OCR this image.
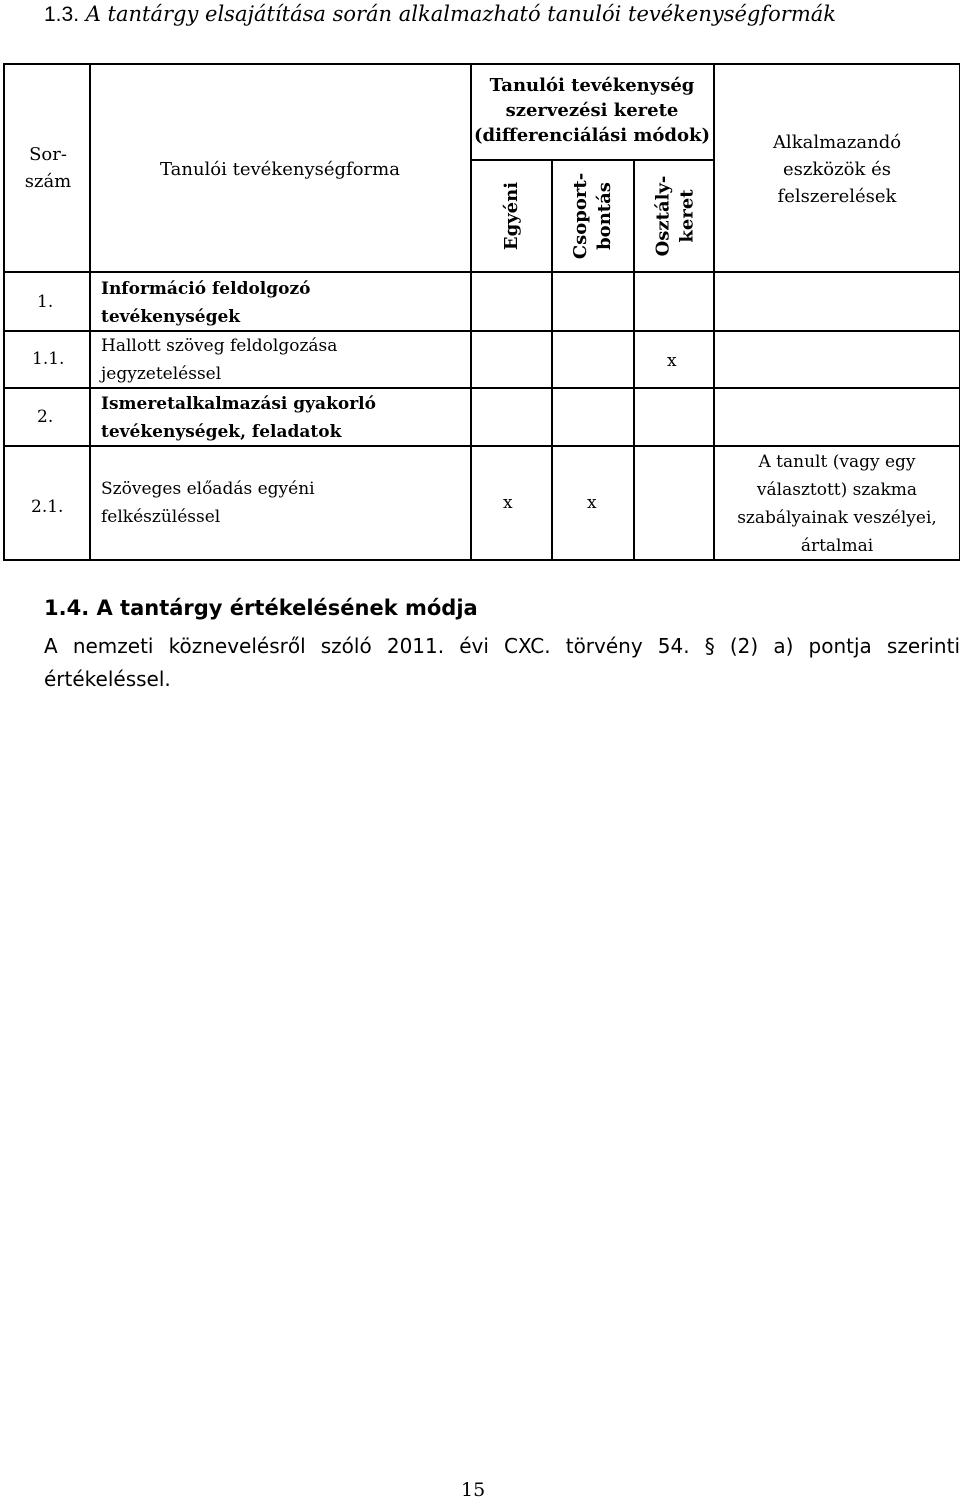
1.3. A tantárgy elsajátítása során alkalmazható tanulói tevékenységformák
Sor-
szám
Tanulói tevékenységforma
Tanulói tevékenység
szervezési kerete
(differenciálási módok)
Egyéni	Csoport- bontás Osztály- keret
Alkalmazandó
eszközök és
felszerelések
1.
Információ feldolgozó
tevékenységek
1.1.
Hallott szöveg feldolgozása
jegyzeteléssel
x
2.
Ismeretalkalmazási gyakorló
tevékenységek, feladatok
2.1.
Szöveges előadás egyéni
felkészüléssel
x	x
A tanult (vagy egy
választott) szakma
szabályainak veszélyei,
ártalmai
1.4. A tantárgy értékelésének módja
A nemzeti köznevelésről szóló 2011. évi CXC. törvény 54. § (2) a) pontja szerinti értékeléssel.
15
